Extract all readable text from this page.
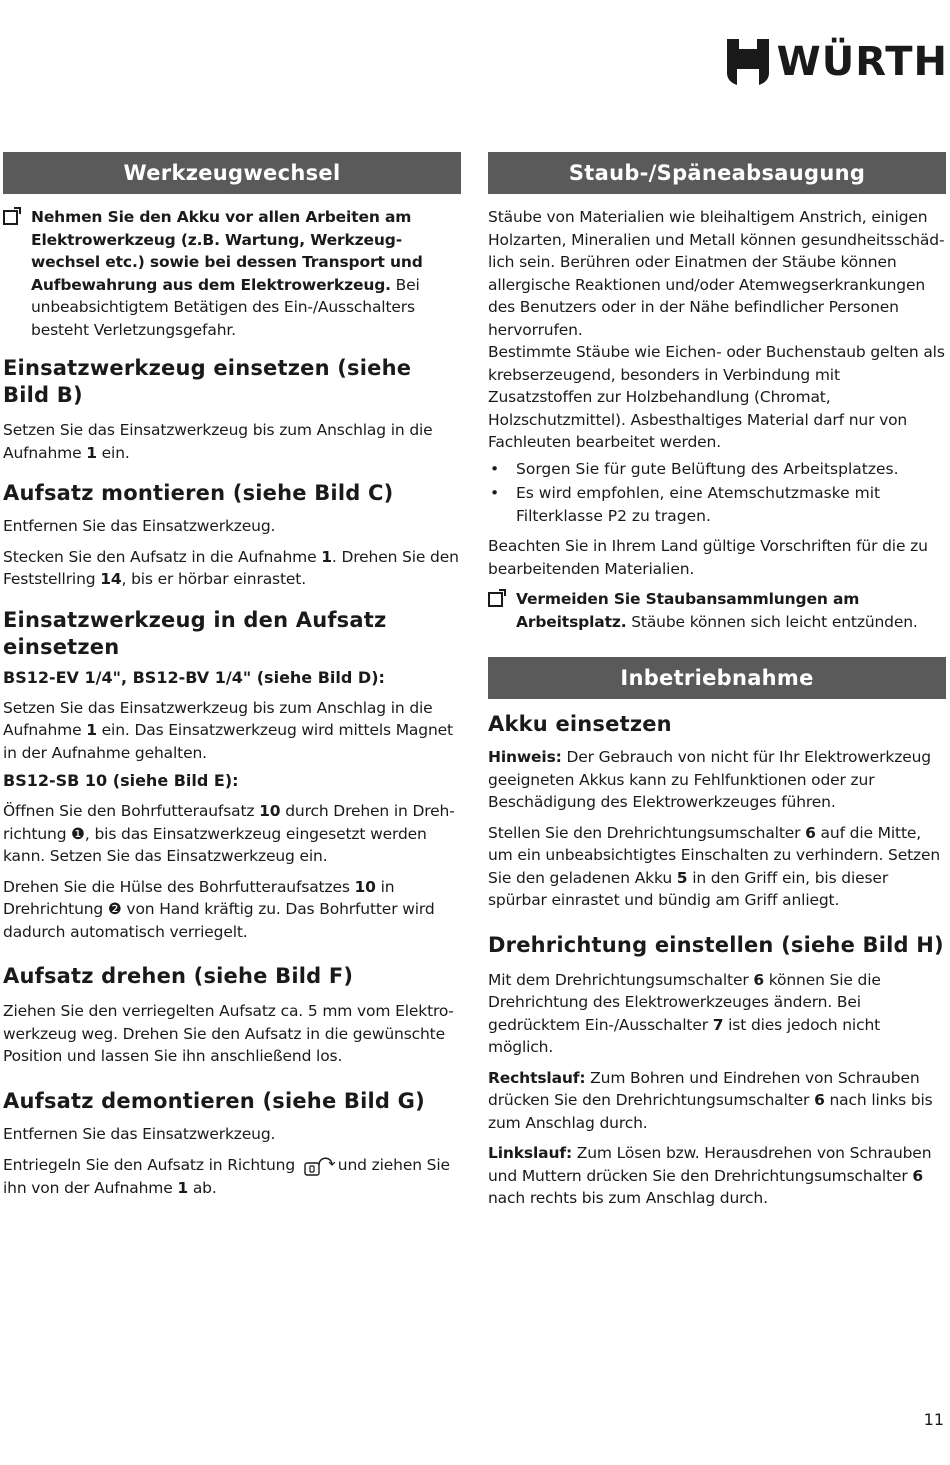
WÜRTH
Werkzeugwechsel

Nehmen Sie den Akku vor allen Arbeiten am Elektrowerkzeug (z.B. Wartung, Werkzeugwechsel etc.) sowie bei dessen Transport und Aufbewahrung aus dem Elektrowerkzeug. Bei unbeabsichtigtem Betätigen des Ein-/Ausschalters besteht Verletzungsgefahr.

Einsatzwerkzeug einsetzen (siehe Bild B)

Setzen Sie das Einsatzwerkzeug bis zum Anschlag in die Aufnahme 1 ein.

Aufsatz montieren (siehe Bild C)

Entfernen Sie das Einsatzwerkzeug.

Stecken Sie den Aufsatz in die Aufnahme 1. Drehen Sie den Feststellring 14, bis er hörbar einrastet.

Einsatzwerkzeug in den Aufsatz einsetzen
BS12-EV 1/4", BS12-BV 1/4" (siehe Bild D):

Setzen Sie das Einsatzwerkzeug bis zum Anschlag in die Aufnahme 1 ein. Das Einsatzwerkzeug wird mittels Magnet in der Aufnahme gehalten.

BS12-SB 10 (siehe Bild E):

Öffnen Sie den Bohrfutteraufsatz 10 durch Drehen in Drehrichtung ❶, bis das Einsatzwerkzeug eingesetzt werden kann. Setzen Sie das Einsatzwerkzeug ein.

Drehen Sie die Hülse des Bohrfutteraufsatzes 10 in Drehrichtung ❷ von Hand kräftig zu. Das Bohrfutter wird dadurch automatisch verriegelt.

Aufsatz drehen (siehe Bild F)

Ziehen Sie den verriegelten Aufsatz ca. 5 mm vom Elektrowerkzeug weg. Drehen Sie den Aufsatz in die gewünschte Position und lassen Sie ihn anschließend los.

Aufsatz demontieren (siehe Bild G)

Entfernen Sie das Einsatzwerkzeug.

Entriegeln Sie den Aufsatz in Richtung und ziehen Sie ihn von der Aufnahme 1 ab.

Staub-/Späneabsaugung

Stäube von Materialien wie bleihaltigem Anstrich, einigen Holzarten, Mineralien und Metall können gesundheitsschädlich sein. Berühren oder Einatmen der Stäube können allergische Reaktionen und/oder Atemwegserkrankungen des Benutzers oder in der Nähe befindlicher Personen hervorrufen.

Bestimmte Stäube wie Eichen- oder Buchenstaub gelten als krebserzeugend, besonders in Verbindung mit Zusatzstoffen zur Holzbehandlung (Chromat, Holzschutzmittel). Asbesthaltiges Material darf nur von Fachleuten bearbeitet werden.

• Sorgen Sie für gute Belüftung des Arbeitsplatzes.
• Es wird empfohlen, eine Atemschutzmaske mit Filterklasse P2 zu tragen.

Beachten Sie in Ihrem Land gültige Vorschriften für die zu bearbeitenden Materialien.

Vermeiden Sie Staubansammlungen am Arbeitsplatz. Stäube können sich leicht entzünden.

Inbetriebnahme
Akku einsetzen

Hinweis: Der Gebrauch von nicht für Ihr Elektrowerkzeug geeigneten Akkus kann zu Fehlfunktionen oder zur Beschädigung des Elektrowerkzeuges führen.

Stellen Sie den Drehrichtungsumschalter 6 auf die Mitte, um ein unbeabsichtigtes Einschalten zu verhindern. Setzen Sie den geladenen Akku 5 in den Griff ein, bis dieser spürbar einrastet und bündig am Griff anliegt.

Drehrichtung einstellen (siehe Bild H)

Mit dem Drehrichtungsumschalter 6 können Sie die Drehrichtung des Elektrowerkzeuges ändern. Bei gedrücktem Ein-/Ausschalter 7 ist dies jedoch nicht möglich.

Rechtslauf: Zum Bohren und Eindrehen von Schrauben drücken Sie den Drehrichtungsumschalter 6 nach links bis zum Anschlag durch.

Linkslauf: Zum Lösen bzw. Herausdrehen von Schrauben und Muttern drücken Sie den Drehrichtungsumschalter 6 nach rechts bis zum Anschlag durch.

11
